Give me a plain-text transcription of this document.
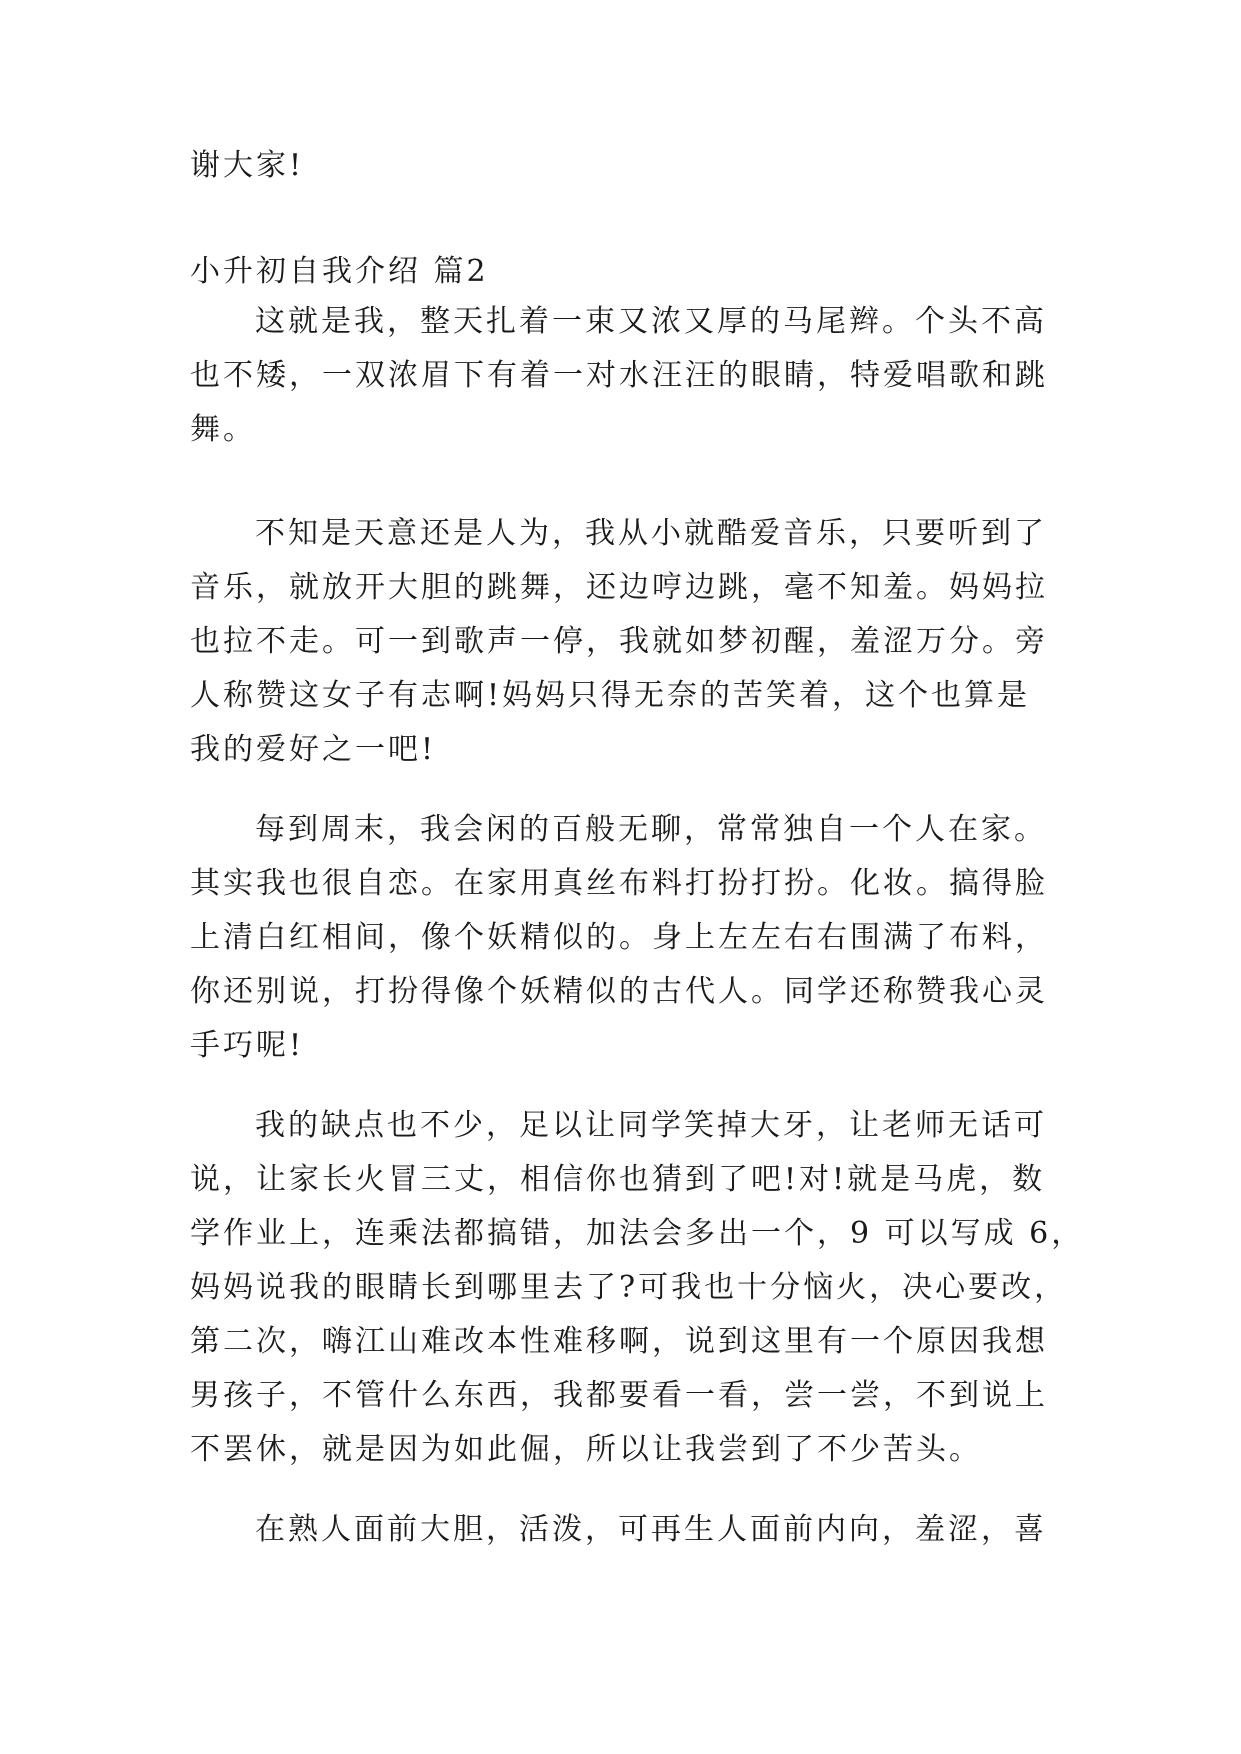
谢大家!
小升初自我介绍 篇2
这就是我，整天扎着一束又浓又厚的马尾辫。个头不高
也不矮，一双浓眉下有着一对水汪汪的眼睛，特爱唱歌和跳
舞。
不知是天意还是人为，我从小就酷爱音乐，只要听到了
音乐，就放开大胆的跳舞，还边哼边跳，毫不知羞。妈妈拉
也拉不走。可一到歌声一停，我就如梦初醒，羞涩万分。旁
人称赞这女子有志啊!妈妈只得无奈的苦笑着，这个也算是
我的爱好之一吧!
每到周末，我会闲的百般无聊，常常独自一个人在家。
其实我也很自恋。在家用真丝布料打扮打扮。化妆。搞得脸
上清白红相间，像个妖精似的。身上左左右右围满了布料，
你还别说，打扮得像个妖精似的古代人。同学还称赞我心灵
手巧呢!
我的缺点也不少，足以让同学笑掉大牙，让老师无话可
说，让家长火冒三丈，相信你也猜到了吧!对!就是马虎，数
学作业上，连乘法都搞错，加法会多出一个，9 可以写成 6，
妈妈说我的眼睛长到哪里去了?可我也十分恼火，决心要改，
第二次，嗨江山难改本性难移啊，说到这里有一个原因我想
男孩子，不管什么东西，我都要看一看，尝一尝，不到说上
不罢休，就是因为如此倔，所以让我尝到了不少苦头。
在熟人面前大胆，活泼，可再生人面前内向，羞涩，喜
